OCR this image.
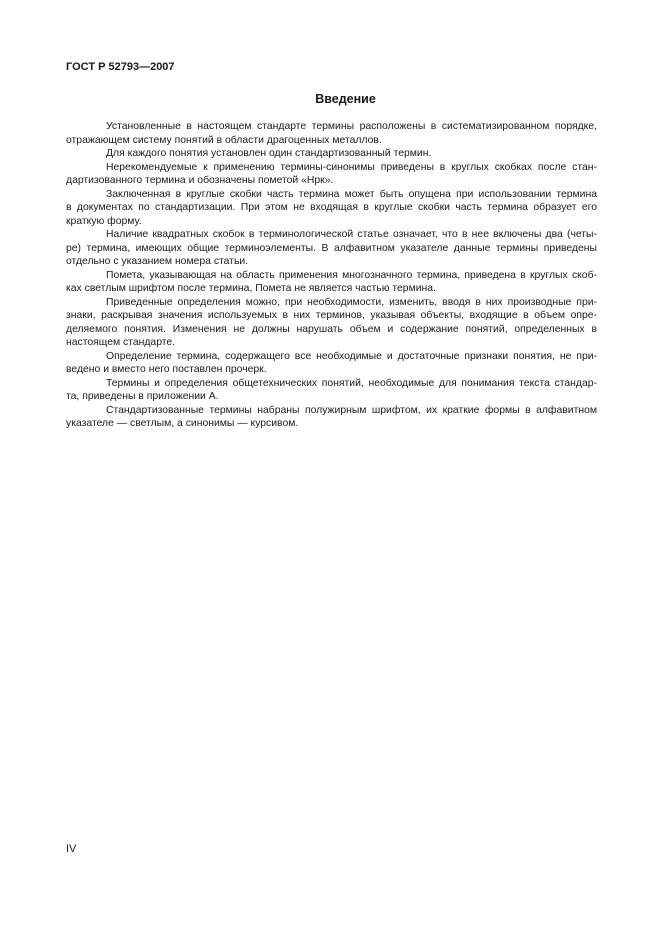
ГОСТ Р 52793—2007
Введение
Установленные в настоящем стандарте термины расположены в систематизированном порядке,
отражающем систему понятий в области драгоценных металлов.
Для каждого понятия установлен один стандартизованный термин.
Нерекомендуемые к применению термины-синонимы приведены в круглых скобках после стан-
дартизованного термина и обозначены пометой «Нрк».
Заключенная в круглые скобки часть термина может быть опущена при использовании термина
в документах по стандартизации. При этом не входящая в круглые скобки часть термина образует его
краткую форму.
Наличие квадратных скобок в терминологической статье означает, что в нее включены два (четы-
ре) термина, имеющих общие терминоэлементы. В алфавитном указателе данные термины приведены
отдельно с указанием номера статьи.
Помета, указывающая на область применения многозначного термина, приведена в круглых скоб-
ках светлым шрифтом после термина, Помета не является частью термина.
Приведенные определения можно, при необходимости, изменить, вводя в них производные при-
знаки, раскрывая значения используемых в них терминов, указывая объекты, входящие в объем опре-
деляемого понятия. Изменения не должны нарушать объем и содержание понятий, определенных в
настоящем стандарте.
Определение термина, содержащего все необходимые и достаточные признаки понятия, не при-
ведено и вместо него поставлен прочерк.
Термины и определения общетехнических понятий, необходимые для понимания текста стандар-
та, приведены в приложении А.
Стандартизованные термины набраны полужирным шрифтом, их краткие формы в алфавитном
указателе — светлым, а синонимы — курсивом.
IV
